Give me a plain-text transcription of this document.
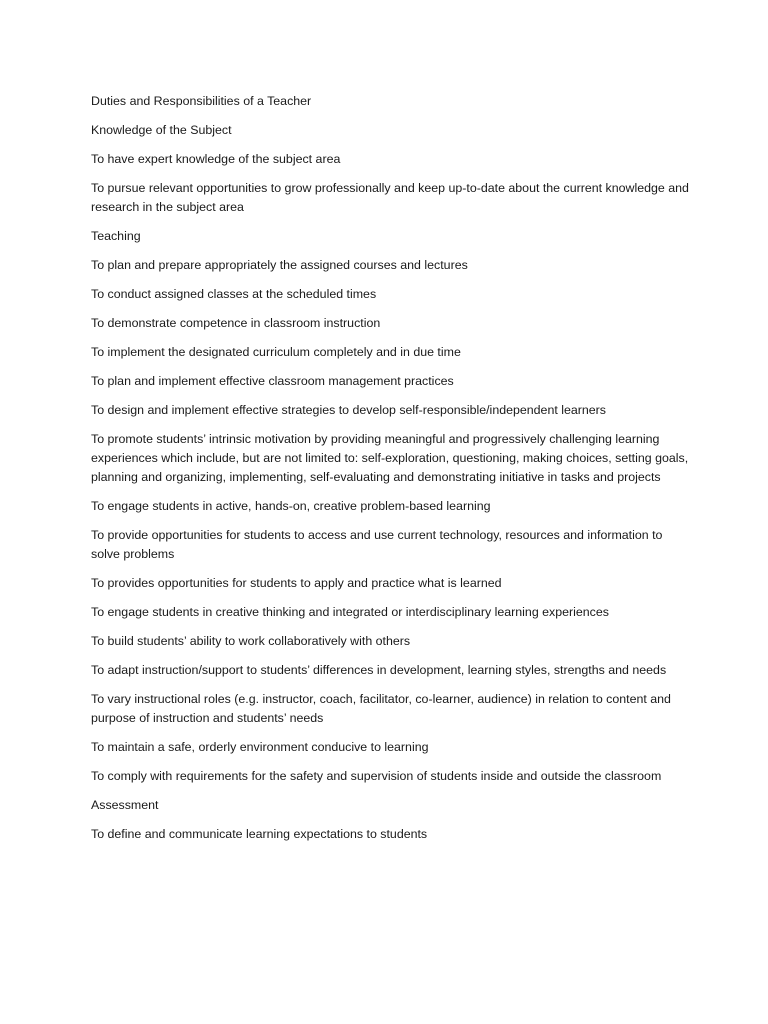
Duties and Responsibilities of a Teacher

Knowledge of the Subject

To have expert knowledge of the subject area

To pursue relevant opportunities to grow professionally and keep up-to-date about the current knowledge and research in the subject area

Teaching

To plan and prepare appropriately the assigned courses and lectures

To conduct assigned classes at the scheduled times

To demonstrate competence in classroom instruction

To implement the designated curriculum completely and in due time

To plan and implement effective classroom management practices

To design and implement effective strategies to develop self-responsible/independent learners

To promote students’ intrinsic motivation by providing meaningful and progressively challenging learning experiences which include, but are not limited to: self-exploration, questioning, making choices, setting goals, planning and organizing, implementing, self-evaluating and demonstrating initiative in tasks and projects

To engage students in active, hands-on, creative problem-based learning

To provide opportunities for students to access and use current technology, resources and information to solve problems

To provides opportunities for students to apply and practice what is learned

To engage students in creative thinking and integrated or interdisciplinary learning experiences

To build students’ ability to work collaboratively with others

To adapt instruction/support to students’ differences in development, learning styles, strengths and needs

To vary instructional roles (e.g. instructor, coach, facilitator, co-learner, audience) in relation to content and purpose of instruction and students’ needs

To maintain a safe, orderly environment conducive to learning

To comply with requirements for the safety and supervision of students inside and outside the classroom

Assessment

To define and communicate learning expectations to students
